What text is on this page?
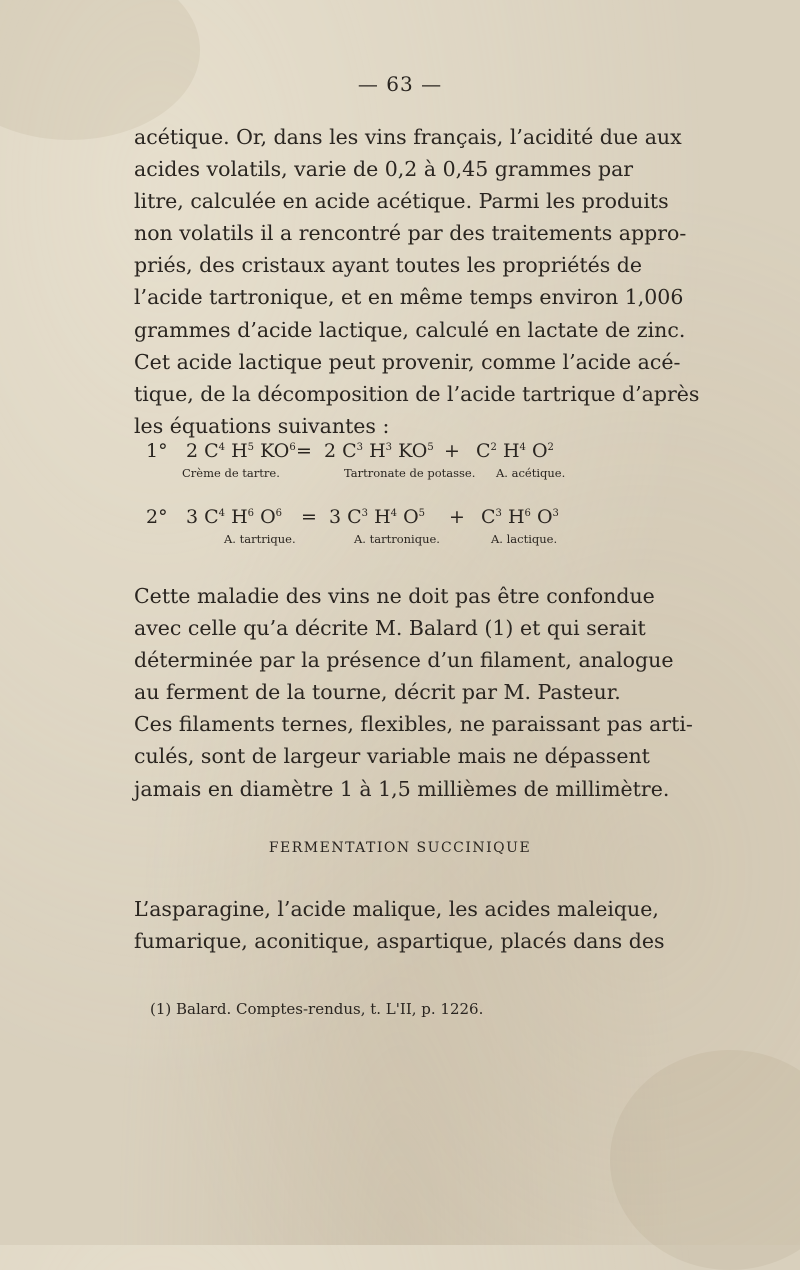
— 63 —
acétique. Or, dans les vins français, l’acidité due aux
acides volatils, varie de 0,2 à 0,45 grammes par
litre, calculée en acide acétique. Parmi les produits
non volatils il a rencontré par des traitements appro-
priés, des cristaux ayant toutes les propriétés de
l’acide tartronique, et en même temps environ 1,006
grammes d’acide lactique, calculé en lactate de zinc.
Cet acide lactique peut provenir, comme l’acide acé-
tique, de la décomposition de l’acide tartrique d’après
les équations suivantes :
1° 2 $C^4$ $H^5$ $KO^6 = 2$ $C^3$ $H^3$ $KO^5 + C^2$ $H^4$ $O^2$
Crème de tartre.	Tartronate de potasse. A. acétique.
2° 3 $C^4$ $H^6$ $O^6 = 3$ $C^3$ $H^4$ $O^5$	+ $C^3$ $H^6$ $O^3$
A. tartrique.	A. tartronique.	A. lactique.
Cette maladie des vins ne doit pas être confondue
avec celle qu’a décrite M. Balard (1) et qui serait
déterminée par la présence d’un filament, analogue
au ferment de la tourne, décrit par M. Pasteur.
Ces filaments ternes, flexibles, ne paraissant pas arti-
culés, sont de largeur variable mais ne dépassent
jamais en diamètre 1 à 1,5 millièmes de millimètre.
FERMENTATION SUCCINIQUE
L’asparagine, l’acide malique, les acides maleique,
fumarique, aconitique, aspartique, placés dans des
(1) Balard. Comptes-rendus, t. L'II, p. 1226.
